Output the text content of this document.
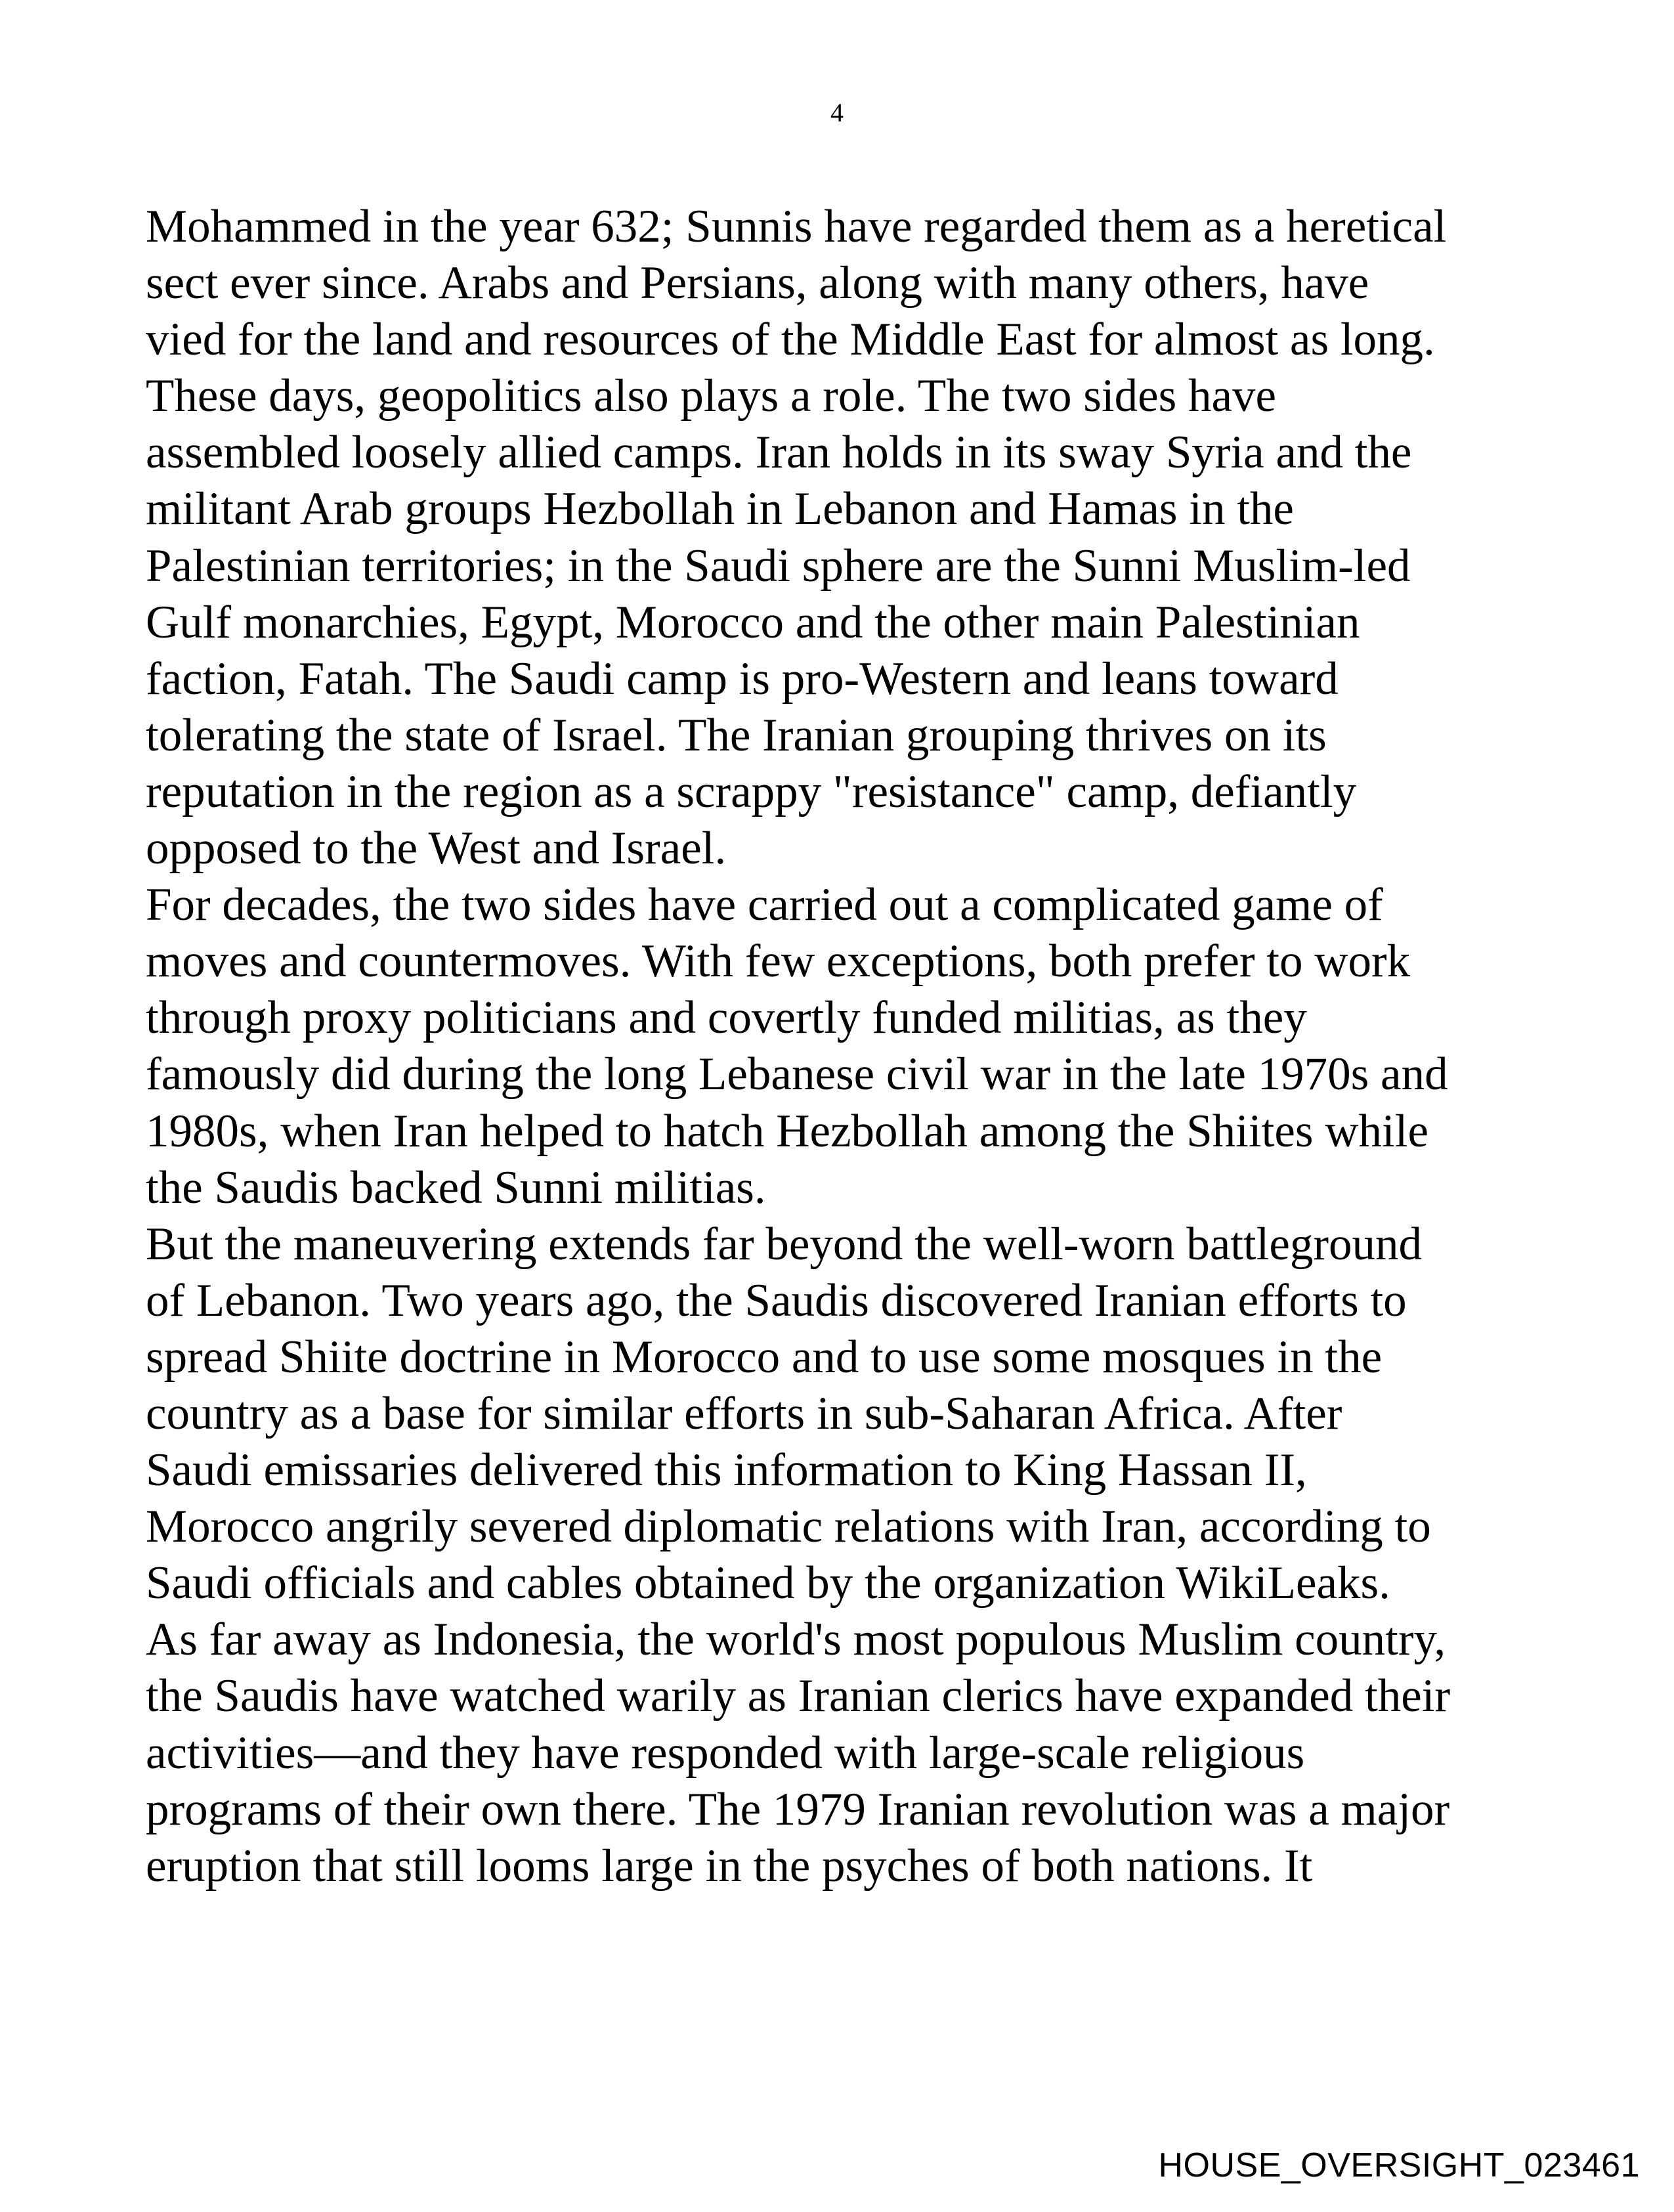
4
Mohammed in the year 632; Sunnis have regarded them as a heretical
sect ever since. Arabs and Persians, along with many others, have
vied for the land and resources of the Middle East for almost as long.
These days, geopolitics also plays a role. The two sides have
assembled loosely allied camps. Iran holds in its sway Syria and the
militant Arab groups Hezbollah in Lebanon and Hamas in the
Palestinian territories; in the Saudi sphere are the Sunni Muslim-led
Gulf monarchies, Egypt, Morocco and the other main Palestinian
faction, Fatah. The Saudi camp is pro-Western and leans toward
tolerating the state of Israel. The Iranian grouping thrives on its
reputation in the region as a scrappy "resistance" camp, defiantly
opposed to the West and Israel.
For decades, the two sides have carried out a complicated game of
moves and countermoves. With few exceptions, both prefer to work
through proxy politicians and covertly funded militias, as they
famously did during the long Lebanese civil war in the late 1970s and
1980s, when Iran helped to hatch Hezbollah among the Shiites while
the Saudis backed Sunni militias.
But the maneuvering extends far beyond the well-worn battleground
of Lebanon. Two years ago, the Saudis discovered Iranian efforts to
spread Shiite doctrine in Morocco and to use some mosques in the
country as a base for similar efforts in sub-Saharan Africa. After
Saudi emissaries delivered this information to King Hassan II,
Morocco angrily severed diplomatic relations with Iran, according to
Saudi officials and cables obtained by the organization WikiLeaks.
As far away as Indonesia, the world's most populous Muslim country,
the Saudis have watched warily as Iranian clerics have expanded their
activities—and they have responded with large-scale religious
programs of their own there. The 1979 Iranian revolution was a major
eruption that still looms large in the psyches of both nations. It
HOUSE_OVERSIGHT_023461
